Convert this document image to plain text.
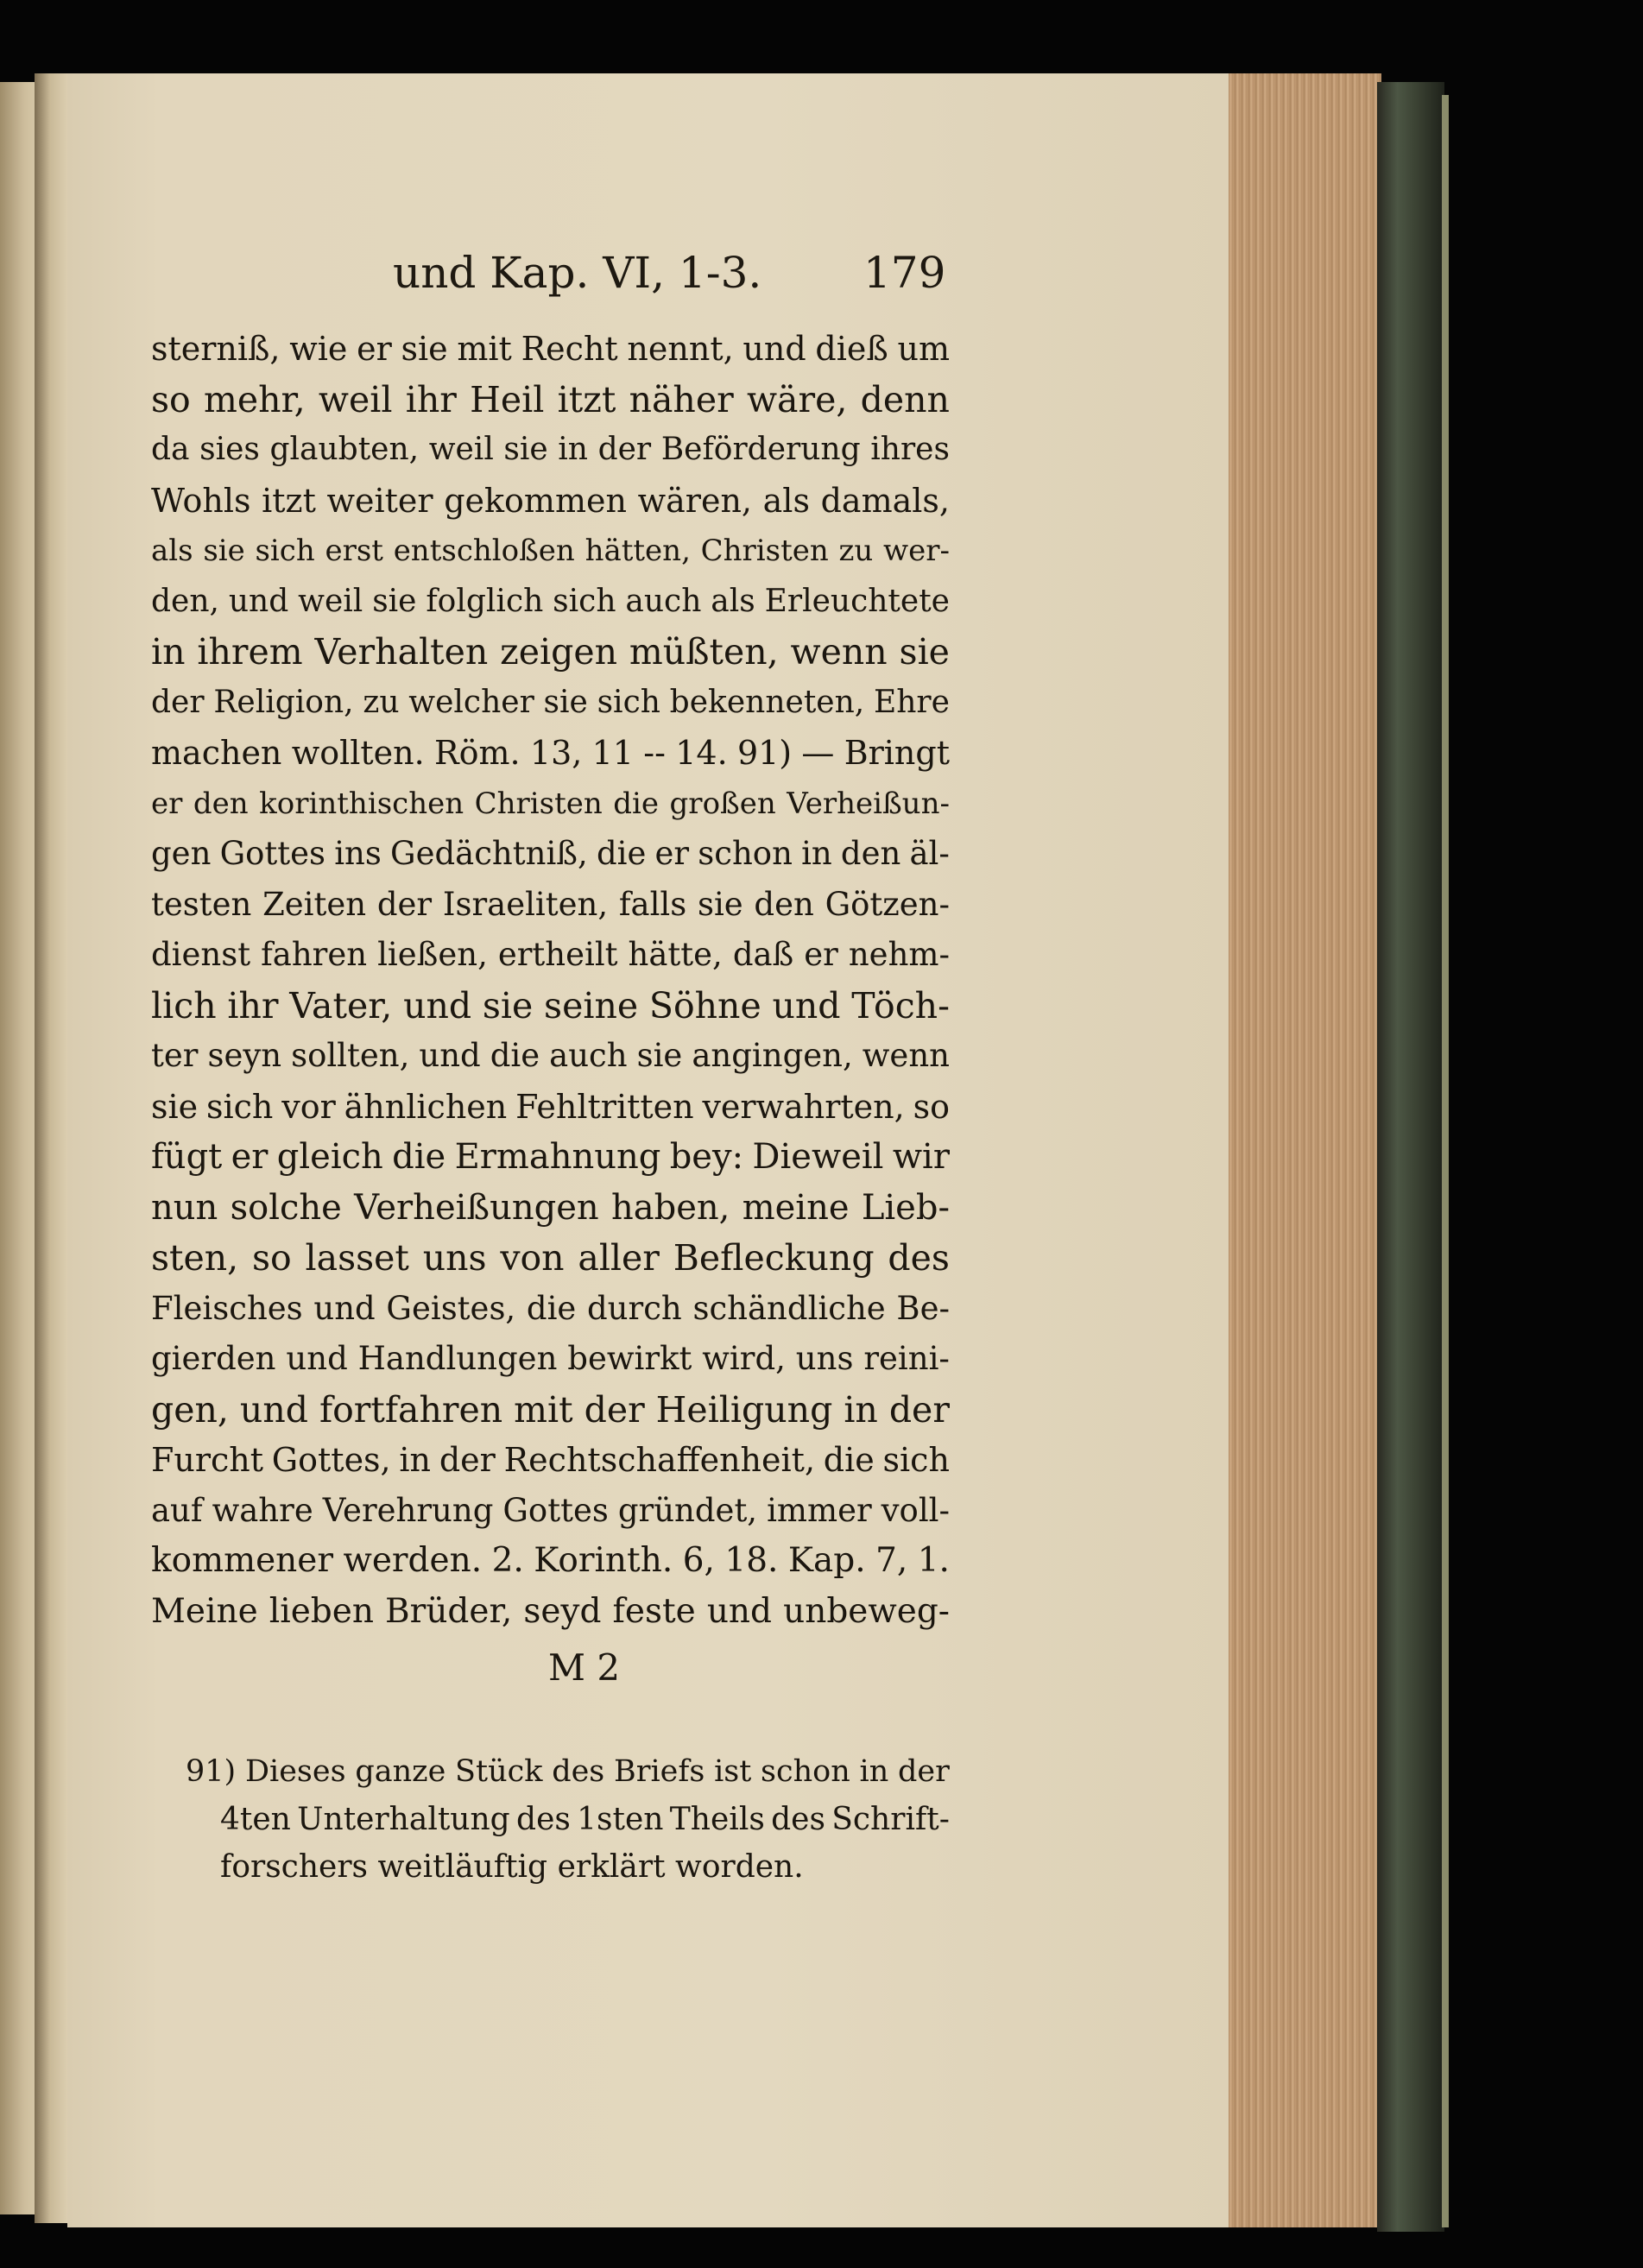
und Kap. VI, 1-3. 179
sterniß, wie er sie mit Recht nennt, und dieß um
so mehr, weil ihr Heil itzt näher wäre, denn
da sies glaubten, weil sie in der Beförderung ihres
Wohls itzt weiter gekommen wären, als damals,
als sie sich erst entschloßen hätten, Christen zu wer-
den, und weil sie folglich sich auch als Erleuchtete
in ihrem Verhalten zeigen müßten, wenn sie
der Religion, zu welcher sie sich bekenneten, Ehre
machen wollten. Röm. 13, 11 -- 14. 91) — Bringt
er den korinthischen Christen die großen Verheißun-
gen Gottes ins Gedächtniß, die er schon in den äl-
testen Zeiten der Israeliten, falls sie den Götzen-
dienst fahren ließen, ertheilt hätte, daß er nehm-
lich ihr Vater, und sie seine Söhne und Töch-
ter seyn sollten, und die auch sie angingen, wenn
sie sich vor ähnlichen Fehltritten verwahrten, so
fügt er gleich die Ermahnung bey: Dieweil wir
nun solche Verheißungen haben, meine Lieb-
sten, so lasset uns von aller Befleckung des
Fleisches und Geistes, die durch schändliche Be-
gierden und Handlungen bewirkt wird, uns reini-
gen, und fortfahren mit der Heiligung in der
Furcht Gottes, in der Rechtschaffenheit, die sich
auf wahre Verehrung Gottes gründet, immer voll-
kommener werden. 2. Korinth. 6, 18. Kap. 7, 1.
Meine lieben Brüder, seyd feste und unbeweg-
M 2
91) Dieses ganze Stück des Briefs ist schon in der
4ten Unterhaltung des 1sten Theils des Schrift-
forschers
weitläuftig
erklärt
worden.
